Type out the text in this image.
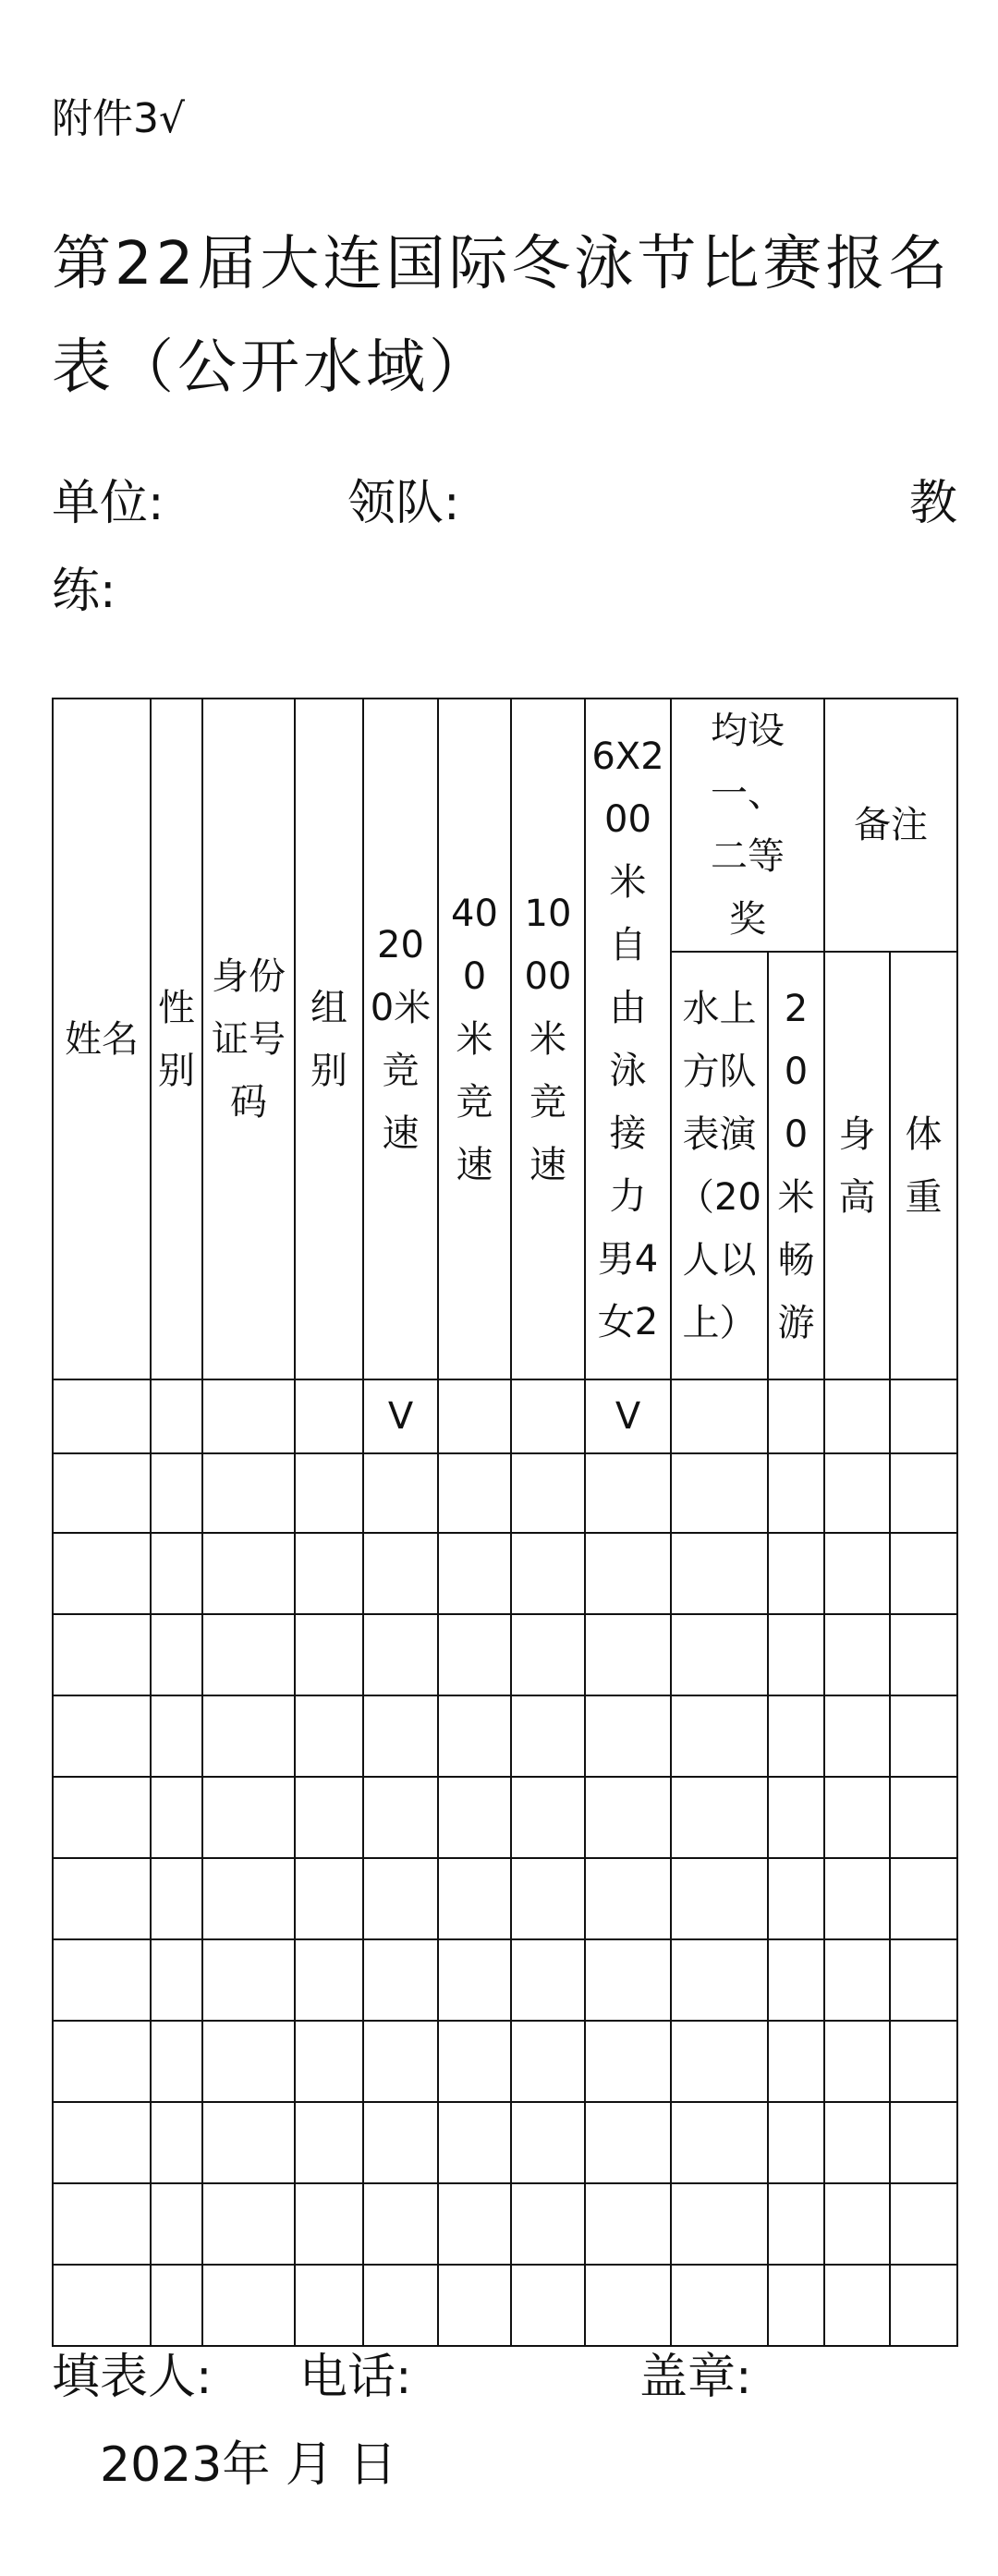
附件3√
第22届大连国际冬泳节比赛报名表（公开水域）
单位:	领队:	教
练:
姓名	性别	身份证号码	组别	200米竞速	400米竞速	1000米竞速	6X200米自由泳接力男4女2	均设一、二等奖		备注	

								水上方队表演（20人以上）	200米畅游	身高	体重

				V			V				

填表人: 电话:	盖章:
2023年 月 日
